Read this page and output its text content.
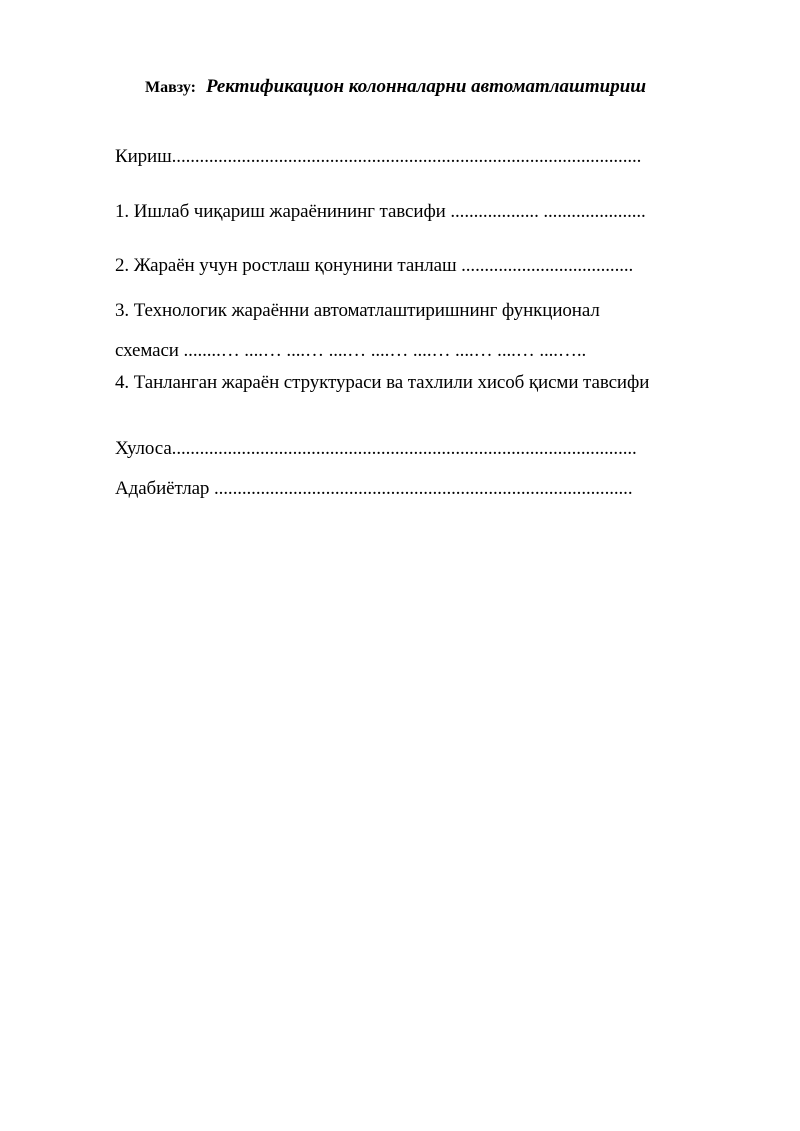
Мавзу: Ректификацион колонналарни автоматлаштириш
Кириш.....................................................................................................
1. Ишлаб чиқариш жараёнининг тавсифи ................... ......................
2. Жараён учун ростлаш қонунини танлаш .....................................
3. Технологик жараённи автоматлаштиришнинг функционал
схемаси ........… ....… ....… ....… ....… ....… ....… ....… ....…..
4. Танланган жараён структураси ва тахлили хисоб қисми тавсифи
Хулоса....................................................................................................
Адабиётлар ..........................................................................................
